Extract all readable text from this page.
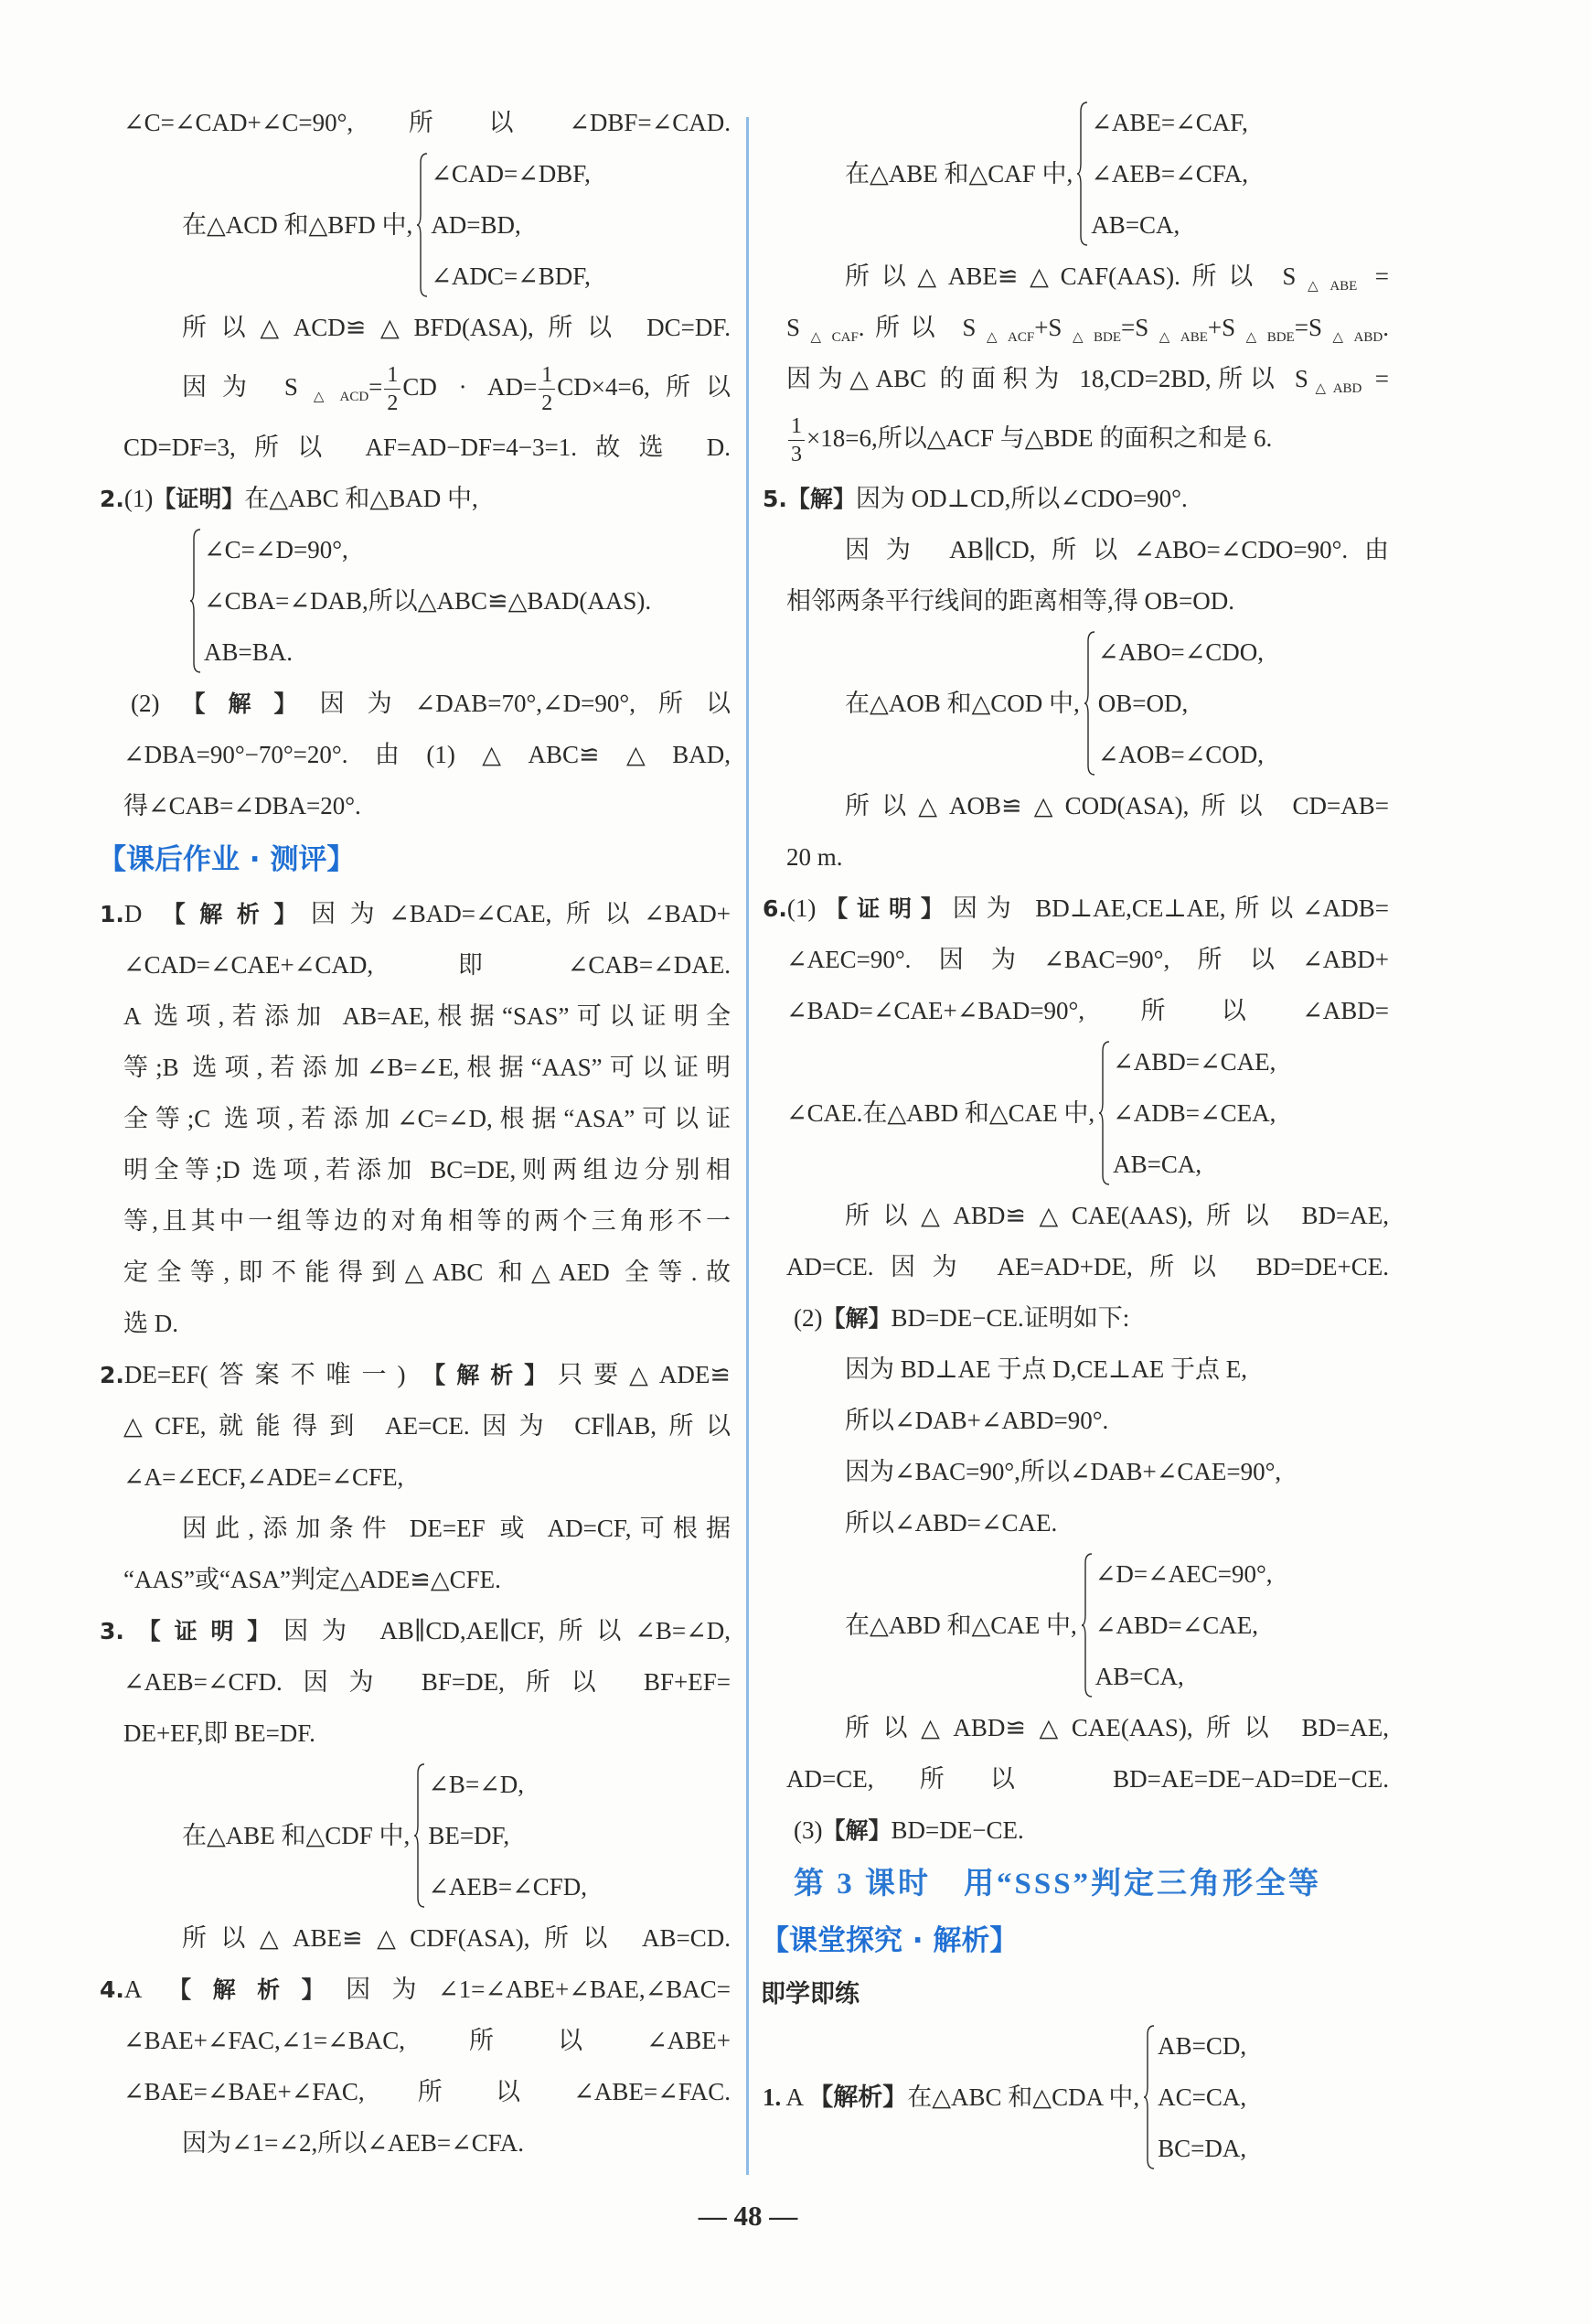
∠C=∠CAD+∠C=90°,所以∠DBF=∠CAD.
在△ACD 和△BFD 中,
∠CAD=∠DBF,
AD=BD,
∠ADC=∠BDF,
所以△ACD≌△BFD(ASA),所以 DC=DF.
因为 $S_{\triangle ACD}= \frac{1}{2}$ CD · $AD= \frac{1}{2} CD\times 4=6$,所以
CD=DF=3,所以 AF=AD−DF=4−3=1.故选 D.
2.(1)【证明】在△ABC 和△BAD 中,
∠C=∠D=90°,
∠CBA=∠DAB,所以△ABC≌△BAD(AAS).
AB=BA.
(2)【解】因为∠DAB=70°,∠D=90°,所以
∠DBA=90°−70°=20°.由(1)△ABC≌△BAD,
得∠CAB=∠DBA=20°.
【课后作业 · 测评】
1.D 【解析】因为∠BAD=∠CAE,所以∠BAD+
∠CAD=∠CAE+∠CAD,即∠CAB=∠DAE.
A 选项,若添加 AB=AE,根据“SAS”可以证明全
等;B 选项,若添加∠B=∠E,根据“AAS”可以证明
全等;C 选项,若添加∠C=∠D,根据“ASA”可以证
明全等;D 选项,若添加 BC=DE,则两组边分别相
等,且其中一组等边的对角相等的两个三角形不一
定全等,即不能得到△ABC 和△AED 全等.故
选 D.
2.DE=EF(答案不唯一) 【解析】只要△ADE≌
△CFE,就能得到 AE=CE.因为 CF∥AB,所以
∠A=∠ECF,∠ADE=∠CFE,
因此,添加条件 DE=EF 或 AD=CF,可根据
“AAS”或“ASA”判定△ADE≌△CFE.
3.【证明】因为 AB∥CD,AE∥CF,所以∠B=∠D,
∠AEB=∠CFD.因为 BF=DE,所以 BF+EF=
DE+EF,即 BE=DF.
在△ABE 和△CDF 中,
∠B=∠D,
BE=DF,
∠AEB=∠CFD,
所以△ABE≌△CDF(ASA),所以 AB=CD.
4.A 【解析】因为∠1=∠ABE+∠BAE,∠BAC=
∠BAE+∠FAC,∠1=∠BAC,所以∠ABE+
∠BAE=∠BAE+∠FAC,所以∠ABE=∠FAC.
因为∠1=∠2,所以∠AEB=∠CFA.
在△ABE 和△CAF 中,
∠ABE=∠CAF,
∠AEB=∠CFA,
AB=CA,
所以△ABE≌△CAF(AAS).所以 $S_{\triangle ABE}$ =
$S_{\triangle CAF}$.所以 $S_{\triangle ACF}+S_{\triangle BDE}=S_{\triangle ABE}+S_{\triangle BDE}=S_{\triangle ABD}$.
因为△ABC 的面积为 18,CD=2BD,所以 $S_{\triangle ABD}$ =
$\frac{1}{3} \times 18=6$,所以△ACF 与△BDE 的面积之和是 6.
5.【解】因为 OD⊥CD,所以∠CDO=90°.
因为 AB∥CD,所以∠ABO=∠CDO=90°.由
相邻两条平行线间的距离相等,得 OB=OD.
在△AOB 和△COD 中,
∠ABO=∠CDO,
OB=OD,
∠AOB=∠COD,
所以△AOB≌△COD(ASA),所以 CD=AB=
20 m.
6.(1)【证明】因为 BD⊥AE,CE⊥AE,所以∠ADB=
∠AEC=90°.因为∠BAC=90°,所以∠ABD+
∠BAD=∠CAE+∠BAD=90°,所以∠ABD=
∠CAE.在△ABD 和△CAE 中,
∠ABD=∠CAE,
∠ADB=∠CEA,
AB=CA,
所以△ABD≌△CAE(AAS),所以 BD=AE,
AD=CE.因为 AE=AD+DE,所以 BD=DE+CE.
(2)【解】BD=DE−CE.证明如下:
因为 BD⊥AE 于点 D,CE⊥AE 于点 E,
所以∠DAB+∠ABD=90°.
因为∠BAC=90°,所以∠DAB+∠CAE=90°,
所以∠ABD=∠CAE.
在△ABD 和△CAE 中,
∠D=∠AEC=90°,
∠ABD=∠CAE,
AB=CA,
所以△ABD≌△CAE(AAS),所以 BD=AE,
AD=CE,所以 BD=AE=DE−AD=DE−CE.
(3)【解】BD=DE−CE.
第 3 课时　用“SSS”判定三角形全等
【课堂探究 · 解析】
即学即练
1. A 【解析】在△ABC 和△CDA 中,
AB=CD,
AC=CA,
BC=DA,
— 48 —
